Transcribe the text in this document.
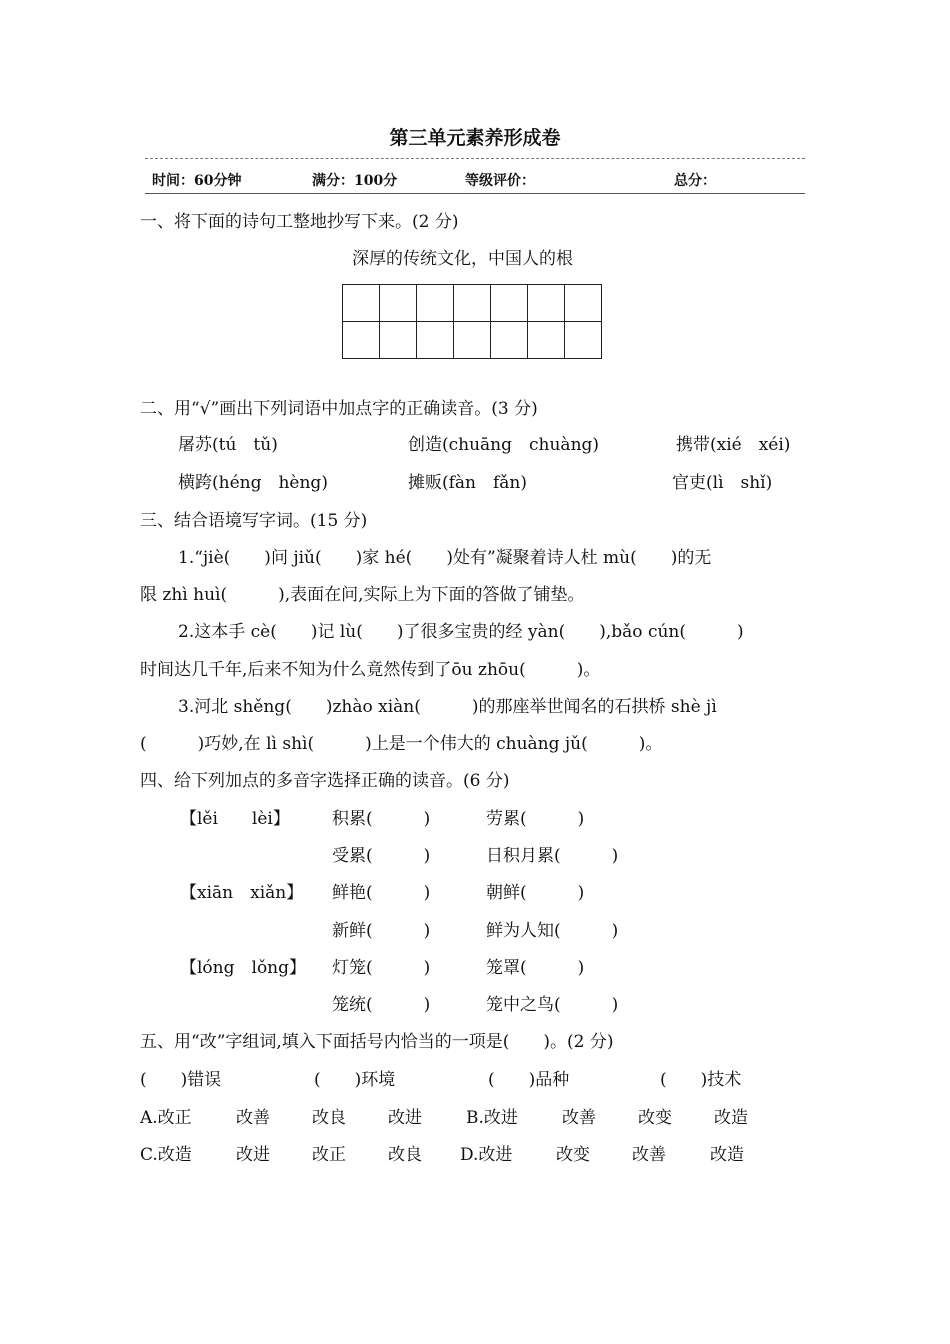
第三单元素养形成卷
时间：60分钟	满分：100分	等级评价：	总分：
一、将下面的诗句工整地抄写下来。(2 分)
深厚的传统文化，中国人的根

二、用“√”画出下列词语中加点字的正确读音。(3 分)
屠苏(tú　tǔ)	创造(chuāng　chuàng)	携带(xié　xéi)
横跨(héng　hèng)	摊贩(fàn　fǎn)	官吏(lì　shǐ)
三、结合语境写字词。(15 分)
1.“jiè(　　)问 jiǔ(　　)家 hé(　　)处有”凝聚着诗人杜 mù(　　)的无
限 zhì huì(　　　),表面在问,实际上为下面的答做了铺垫。
2.这本手 cè(　　)记 lù(　　)了很多宝贵的经 yàn(　　),bǎo cún(　　　)
时间达几千年,后来不知为什么竟然传到了ōu zhōu(　　　)。
3.河北 shěng(　　)zhào xiàn(　　　)的那座举世闻名的石拱桥 shè jì
(　　　)巧妙,在 lì shì(　　　)上是一个伟大的 chuàng jǔ(　　　)。
四、给下列加点的多音字选择正确的读音。(6 分)
【lěi　　lèi】 积累(　　　)	劳累(　　　)
受累(　　　)	日积月累(　　　)
【xiān　xiǎn】 鲜艳(　　　)	朝鲜(　　　)
新鲜(　　　)	鲜为人知(　　　)
【lóng　lǒng】 灯笼(　　　)	笼罩(　　　)
笼统(　　　)	笼中之鸟(　　　)
五、用“改”字组词,填入下面括号内恰当的一项是(　　)。(2 分)
(　　)错误	(　　)环境	(　　)品种	(　　)技术
A.改正	改善 改良 改进	B.改进	改善 改变 改造
C.改造	改进 改正 改良 D.改进	改变 改善	改造
